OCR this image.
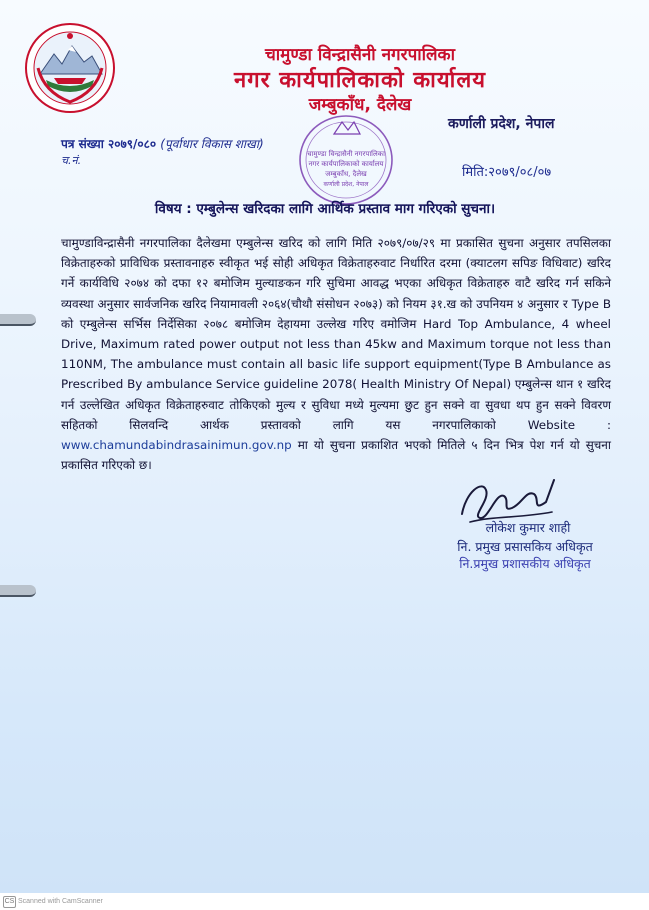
चामुण्डा विन्द्रासैनी नगरपालिका

नगर कार्यपालिकाको कार्यालय

जम्बुकाँध, दैलेख

कर्णाली प्रदेश, नेपाल
पत्र संख्या २०७९/०८० (पूर्वाधार विकास शाखा)
च.नं.	चामुण्डा विन्द्रासैनी नगरपालिका
नगर कार्यपालिकाको कार्यालय
जम्बुकाँध, दैलेख
कर्णाली प्रदेश, नेपाल
मिति:२०७९/०८/०७

विषय : एम्बुलेन्स खरिदका लागि आर्थिक प्रस्ताव माग गरिएको सुचना।

चामुण्डाविन्द्रासैनी नगरपालिका दैलेखमा एम्बुलेन्स खरिद को लागि मिति २०७९/०७/२९ मा प्रकासित सुचना अनुसार तपसिलका विक्रेताहरुको प्राविधिक प्रस्तावनाहरु स्वीकृत भई सोही अधिकृत विक्रेताहरुवाट निर्धारित दरमा (क्याटलग सपिङ विधिवाट) खरिद गर्ने कार्यविधि २०७४ को दफा १२ बमोजिम मुल्याङकन गरि सुचिमा आवद्ध भएका अधिकृत विक्रेताहरु वाटै खरिद गर्न सकिने व्यवस्था अनुसार सार्वजनिक खरिद नियामावली २०६४(चौथौ संसोधन २०७३) को नियम ३१.ख को उपनियम ४ अनुसार र Type B को एम्बुलेन्स सर्भिस निर्देसिका २०७८ बमोजिम देहायमा उल्लेख गरिए वमोजिम Hard Top Ambulance, 4 wheel Drive, Maximum rated power output not less than 45kw and Maximum torque not less than 110NM, The ambulance must contain all basic life support equipment(Type B Ambulance as Prescribed By ambulance Service guideline 2078( Health Ministry Of Nepal) एम्बुलेन्स थान १ खरिद गर्न उल्लेखित अधिकृत विक्रेताहरुवाट तोकिएको मुल्य र सुविधा मध्ये मुल्यमा छुट हुन सक्ने वा सुवधा थप हुन सक्ने विवरण सहितको सिलवन्दि आर्थक प्रस्तावको लागि यस नगरपालिकाको Website : www.chamundabindrasainimun.gov.np मा यो सुचना प्रकाशित भएको मितिले ५ दिन भित्र पेश गर्न यो सुचना प्रकासित गरिएको छ।

लोकेश कुमार शाही
नि. प्रमुख प्रसासकिय अधिकृत
नि.प्रमुख प्रशासकीय अधिकृत
CS Scanned with CamScanner
